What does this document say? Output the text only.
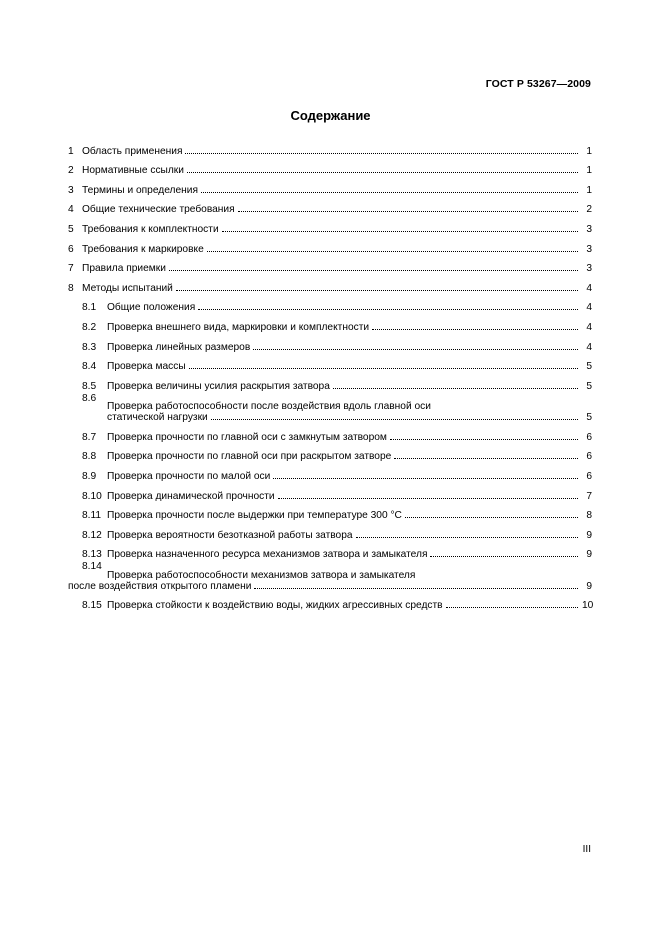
ГОСТ Р 53267—2009
Содержание
1 Область применения	1
2 Нормативные ссылки	1
3 Термины и определения	1
4 Общие технические требования	2
5 Требования к комплектности	3
6 Требования к маркировке	3
7 Правила приемки	3
8 Методы испытаний	4
8.1	Общие положения	4
8.2	Проверка внешнего вида, маркировки и комплектности	4
8.3	Проверка линейных размеров	4
8.4	Проверка массы	5
8.5	Проверка величины усилия раскрытия затвора	5
8.6
Проверка работоспособности после воздействия вдоль главной оси
статической нагрузки	5
8.7	Проверка прочности по главной оси с замкнутым затвором	6
8.8	Проверка прочности по главной оси при раскрытом затворе	6
8.9	Проверка прочности по малой оси	6
8.10 Проверка динамической прочности	7
8.11 Проверка прочности после выдержки при температуре 300 °С	8
8.12 Проверка вероятности безотказной работы затвора	9
8.13 Проверка назначенного ресурса механизмов затвора и замыкателя	9
8.14
Проверка работоспособности механизмов затвора и замыкателя
после воздействия открытого пламени	9
8.15 Проверка стойкости к воздействию воды, жидких агрессивных средств	10
III
